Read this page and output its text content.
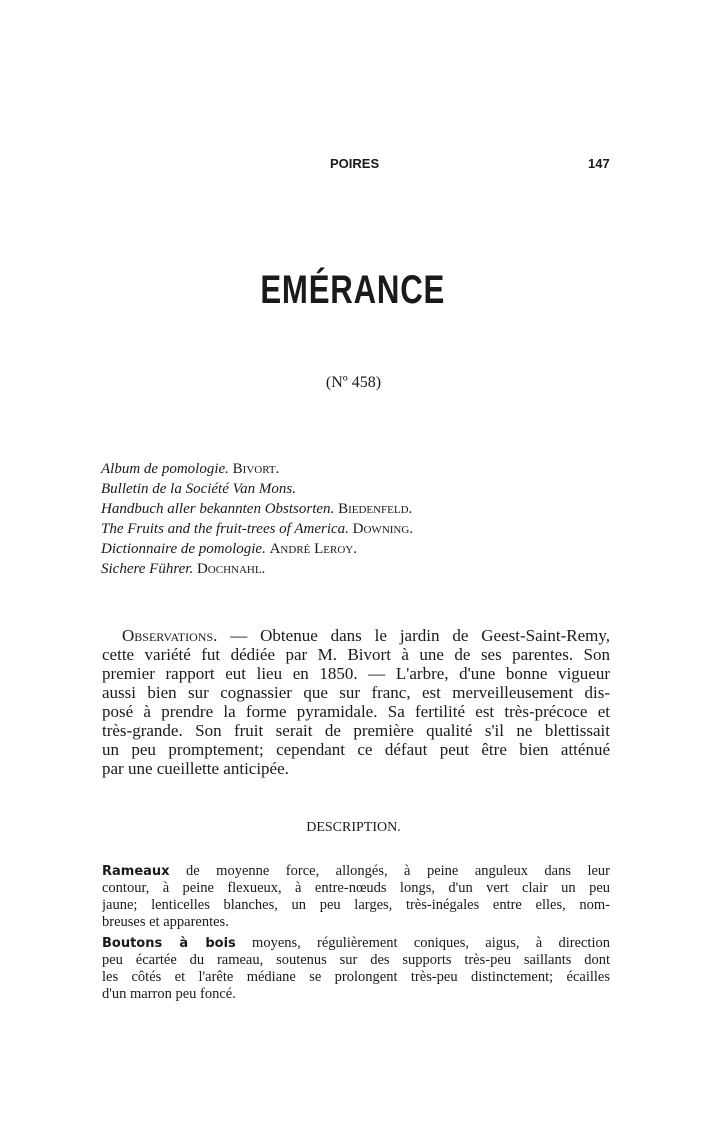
POIRES	147
EMÉRANCE
(Nº 458)
Album de pomologie. Bivort.
Bulletin de la Société Van Mons.
Handbuch aller bekannten Obstsorten. Biedenfeld.
The Fruits and the fruit-trees of America. Downing.
Dictionnaire de pomologie. André Leroy.
Sichere Führer. Dochnahl.
Observations. — Obtenue dans le jardin de Geest-Saint-Remy,
cette variété fut dédiée par M. Bivort à une de ses parentes. Son
premier rapport eut lieu en 1850. — L'arbre, d'une bonne vigueur
aussi bien sur cognassier que sur franc, est merveilleusement dis-
posé à prendre la forme pyramidale. Sa fertilité est très-précoce et
très-grande. Son fruit serait de première qualité s'il ne blettissait
un peu promptement; cependant ce défaut peut être bien atténué
par une cueillette anticipée.
DESCRIPTION.
Rameaux de moyenne force, allongés, à peine anguleux dans leur
contour, à peine flexueux, à entre-nœuds longs, d'un vert clair un peu
jaune; lenticelles blanches, un peu larges, très-inégales entre elles, nom-
breuses et apparentes.
Boutons à bois moyens, régulièrement coniques, aigus, à direction
peu écartée du rameau, soutenus sur des supports très-peu saillants dont
les côtés et l'arête médiane se prolongent très-peu distinctement; écailles
d'un marron peu foncé.
